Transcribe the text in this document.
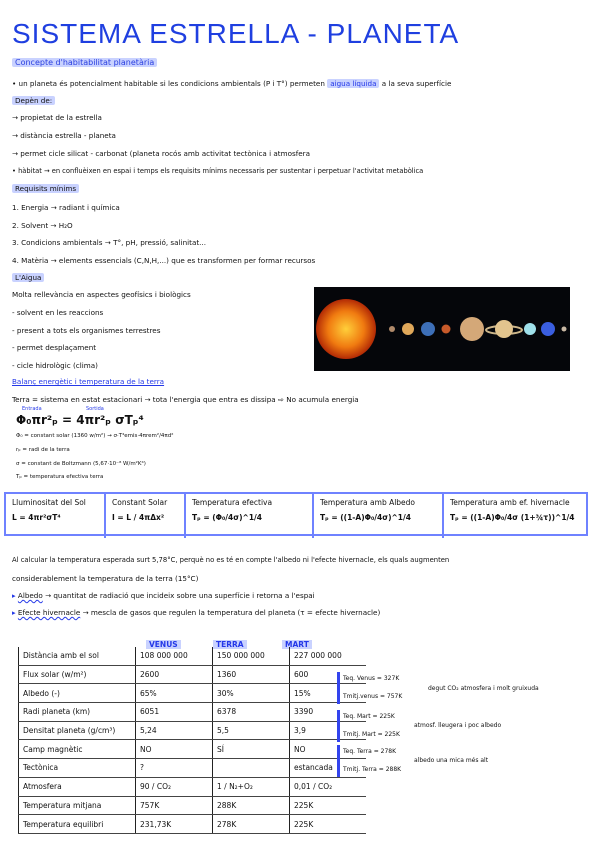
SISTEMA ESTRELLA - PLANETA
Concepte d'habitabilitat planetària
• un planeta és potencialment habitable si les condicions ambientals (P i T°) permeten aigua líquida a la seva superfície
Depèn de:
→ propietat de la estrella
→ distància estrella - planeta
→ permet cicle silicat - carbonat (planeta rocós amb activitat tectònica i atmosfera
• hàbitat → en confluèixen en espai i temps els requisits mínims necessaris per sustentar i perpetuar l'activitat metabòlica
Requisits mínims
1. Energia → radiant i química
2. Solvent → H₂O
3. Condicions ambientals → T°, pH, pressió, salinitat...
4. Matèria → elements essencials (C,N,H,...) que es transformen per formar recursos
L'Aigua
Molta rellevància en aspectes geofísics i biològics
- solvent en les reaccions
- present a tots els organismes terrestres
- permet desplaçament
- cicle hidrològic (clima)
Balanç energètic i temperatura de la terra
Terra = sistema en estat estacionari → tota l'energia que entra es dissipa ⇨ No acumula energia
Entrada	Sortida
Φ₀πr²ₚ = 4πr²ₚ σTₚ⁴
Φ₀ = constant solar (1360 w/m²) → σ·T⁴emis·4πrem²/4πd²
rₚ = radi de la terra
σ = constant de Boltzmann (5,67·10⁻⁸ W/m²K⁴)
Tₚ = temperatura efectiva terra
Lluminositat del Sol
L = 4πr²σT⁴
Constant Solar
I = L / 4πΔx²
Temperatura efectiva
Tₚ = (Φ₀/4σ)^1/4
Temperatura amb Albedo
Tₚ = ((1-A)Φ₀/4σ)^1/4
Temperatura amb ef. hivernacle
Tₚ = ((1-A)Φ₀/4σ (1+¾τ))^1/4
Al calcular la temperatura esperada surt 5,78°C, perquè no es té en compte l'albedo ni l'efecte hivernacle, els quals augmenten
considerablement la temperatura de la terra (15°C)
▸ Albedo → quantitat de radiació que incideix sobre una superfície i retorna a l'espai
▸ Efecte hivernacle → mescla de gasos que regulen la temperatura del planeta (τ = efecte hivernacle)
VENUS	TERRA	MART
Distància amb el sol	108 000 000	150 000 000	227 000 000
Flux solar (w/m²)	2600	1360	600
Albedo (-)	65%	30%	15%
Radi planeta (km)	6051	6378	3390
Densitat planeta (g/cm³)	5,24	5,5	3,9
Camp magnètic	NO	SÍ	NO
Tectònica	?		estancada
Atmosfera	90 / CO₂	1 / N₂+O₂	0,01 / CO₂
Temperatura mitjana	757K	288K	225K
Temperatura equilibri	231,73K	278K	225K
Teq. Venus = 327K
Tmitj.venus = 757K
degut CO₂ atmosfera i molt gruixuda
Teq. Mart = 225K
Tmitj. Mart = 225K
atmosf. lleugera i poc albedo
Teq. Terra = 278K
Tmitj. Terra = 288K
albedo una mica més alt
